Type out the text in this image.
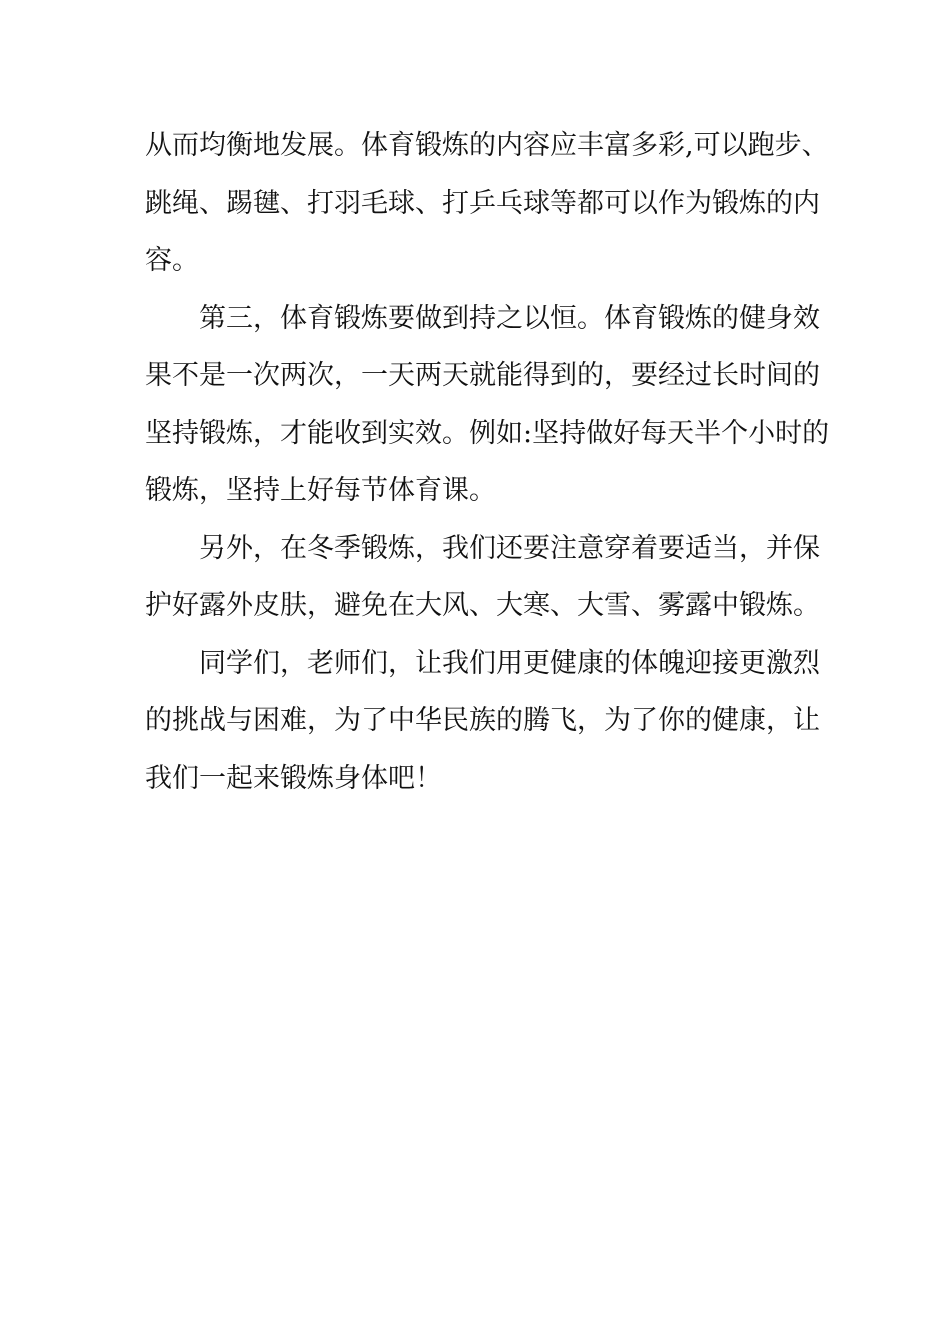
从而均衡地发展。体育锻炼的内容应丰富多彩,可以跑步、
跳绳、踢毽、打羽毛球、打乒乓球等都可以作为锻炼的内
容。
第三，体育锻炼要做到持之以恒。体育锻炼的健身效
果不是一次两次，一天两天就能得到的，要经过长时间的
坚持锻炼，才能收到实效。例如:坚持做好每天半个小时的
锻炼，坚持上好每节体育课。
另外，在冬季锻炼，我们还要注意穿着要适当，并保
护好露外皮肤，避免在大风、大寒、大雪、雾露中锻炼。
同学们，老师们，让我们用更健康的体魄迎接更激烈
的挑战与困难，为了中华民族的腾飞，为了你的健康，让
我们一起来锻炼身体吧！
